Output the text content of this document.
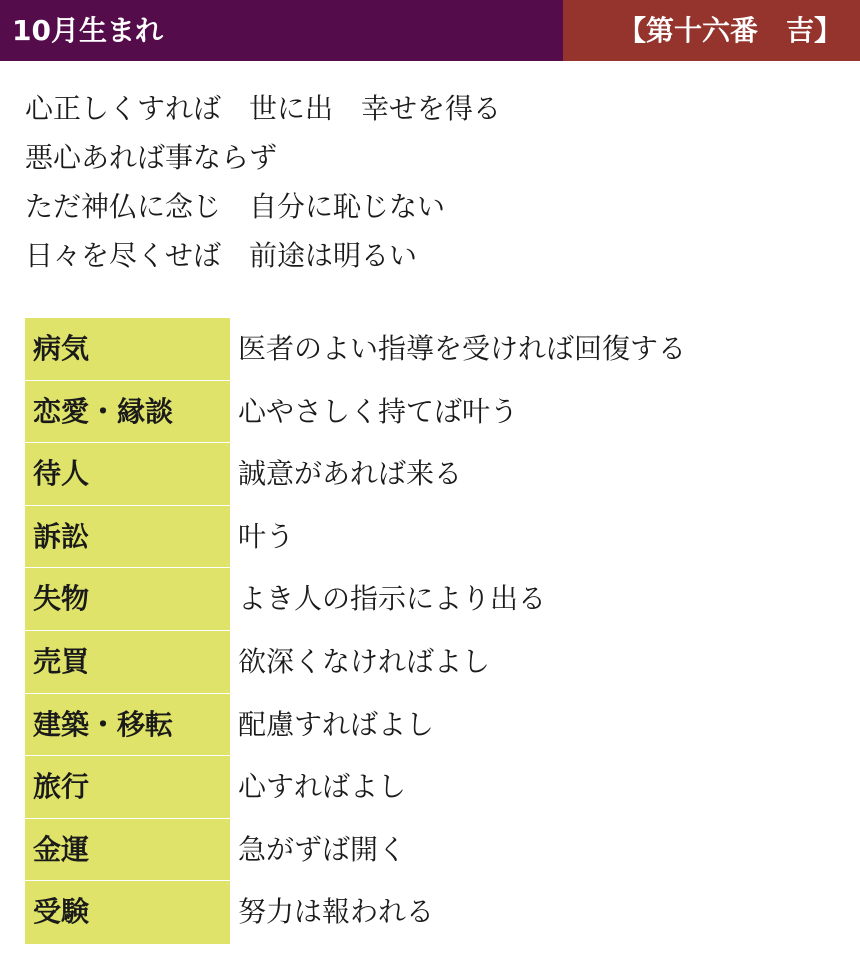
10月生まれ	【第十六番　吉】
心正しくすれば　世に出　幸せを得る
悪心あれば事ならず
ただ神仏に念じ　自分に恥じない
日々を尽くせば　前途は明るい
病気	医者のよい指導を受ければ回復する
恋愛・縁談	心やさしく持てば叶う
待人	誠意があれば来る
訴訟	叶う
失物	よき人の指示により出る
売買	欲深くなければよし
建築・移転	配慮すればよし
旅行	心すればよし
金運	急がずば開く
受験	努力は報われる
